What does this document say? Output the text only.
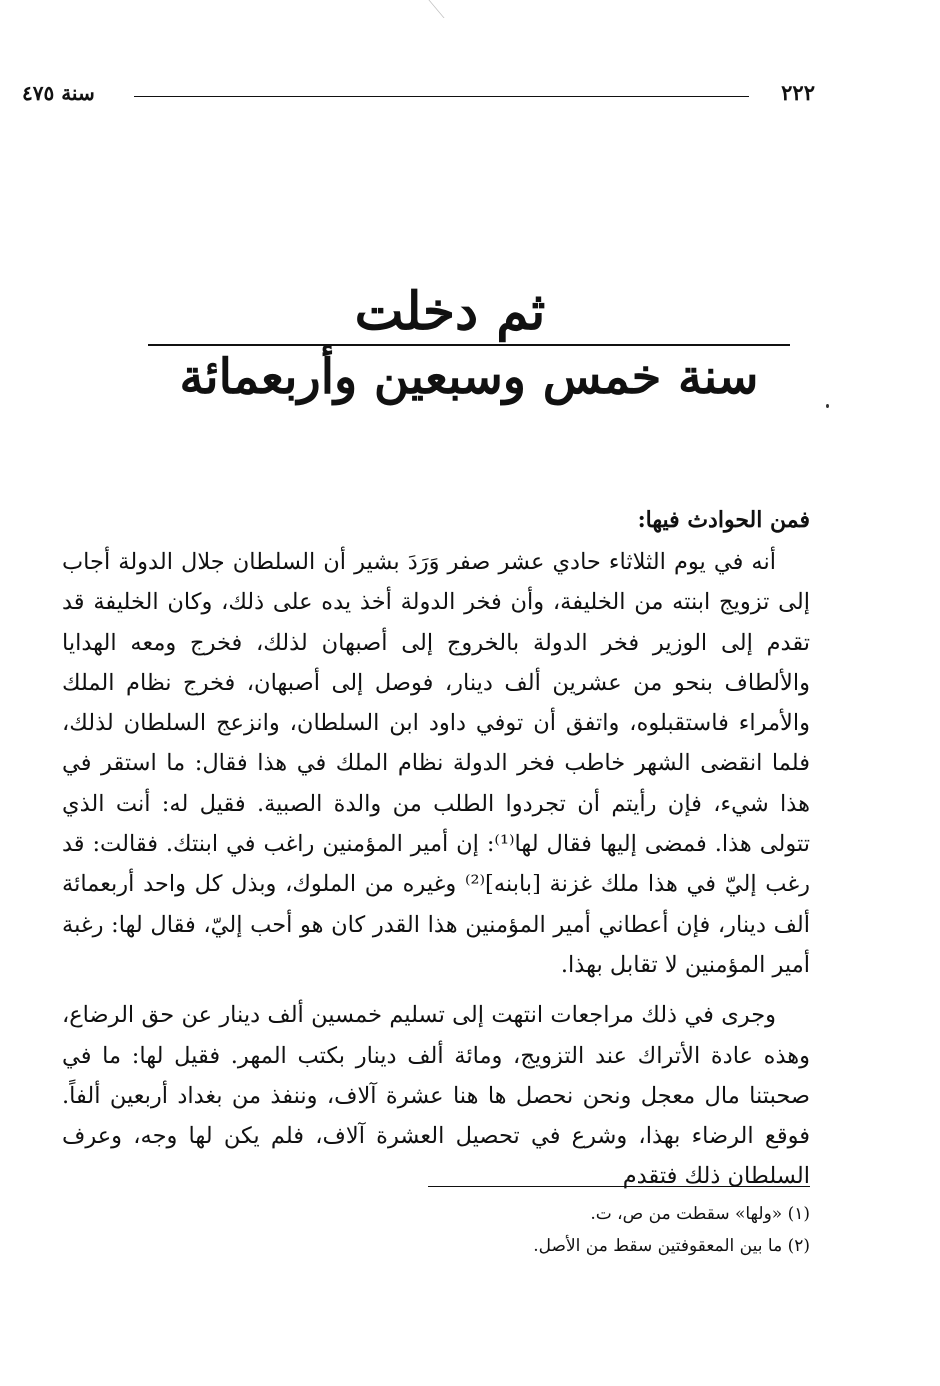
٢٢٢
سنة ٤٧٥
ثم دخلت
سنة خمس وسبعين وأربعمائة

فمن الحوادث فيها:

أنه في يوم الثلاثاء حادي عشر صفر وَرَدَ بشير أن السلطان جلال الدولة أجاب إلى تزويج ابنته من الخليفة، وأن فخر الدولة أخذ يده على ذلك، وكان الخليفة قد تقدم إلى الوزير فخر الدولة بالخروج إلى أصبهان لذلك، فخرج ومعه الهدايا والألطاف بنحو من عشرين ألف دينار، فوصل إلى أصبهان، فخرج نظام الملك والأمراء فاستقبلوه، واتفق أن توفي داود ابن السلطان، وانزعج السلطان لذلك، فلما انقضى الشهر خاطب فخر الدولة نظام الملك في هذا فقال: ما استقر في هذا شيء، فإن رأيتم أن تجردوا الطلب من والدة الصبية. فقيل له: أنت الذي تتولى هذا. فمضى إليها فقال لها⁽¹⁾: إن أمير المؤمنين راغب في ابنتك. فقالت: قد رغب إليّ في هذا ملك غزنة [بابنه]⁽²⁾ وغيره من الملوك، وبذل كل واحد أربعمائة ألف دينار، فإن أعطاني أمير المؤمنين هذا القدر كان هو أحب إليّ، فقال لها: رغبة أمير المؤمنين لا تقابل بهذا.

وجرى في ذلك مراجعات انتهت إلى تسليم خمسين ألف دينار عن حق الرضاع، وهذه عادة الأتراك عند التزويج، ومائة ألف دينار بكتب المهر. فقيل لها: ما في صحبتنا مال معجل ونحن نحصل ها هنا عشرة آلاف، وننفذ من بغداد أربعين ألفاً. فوقع الرضاء بهذا، وشرع في تحصيل العشرة آلاف، فلم يكن لها وجه، وعرف السلطان ذلك فتقدم

(١) «ولها» سقطت من ص، ت.

(٢) ما بين المعقوفتين سقط من الأصل.
